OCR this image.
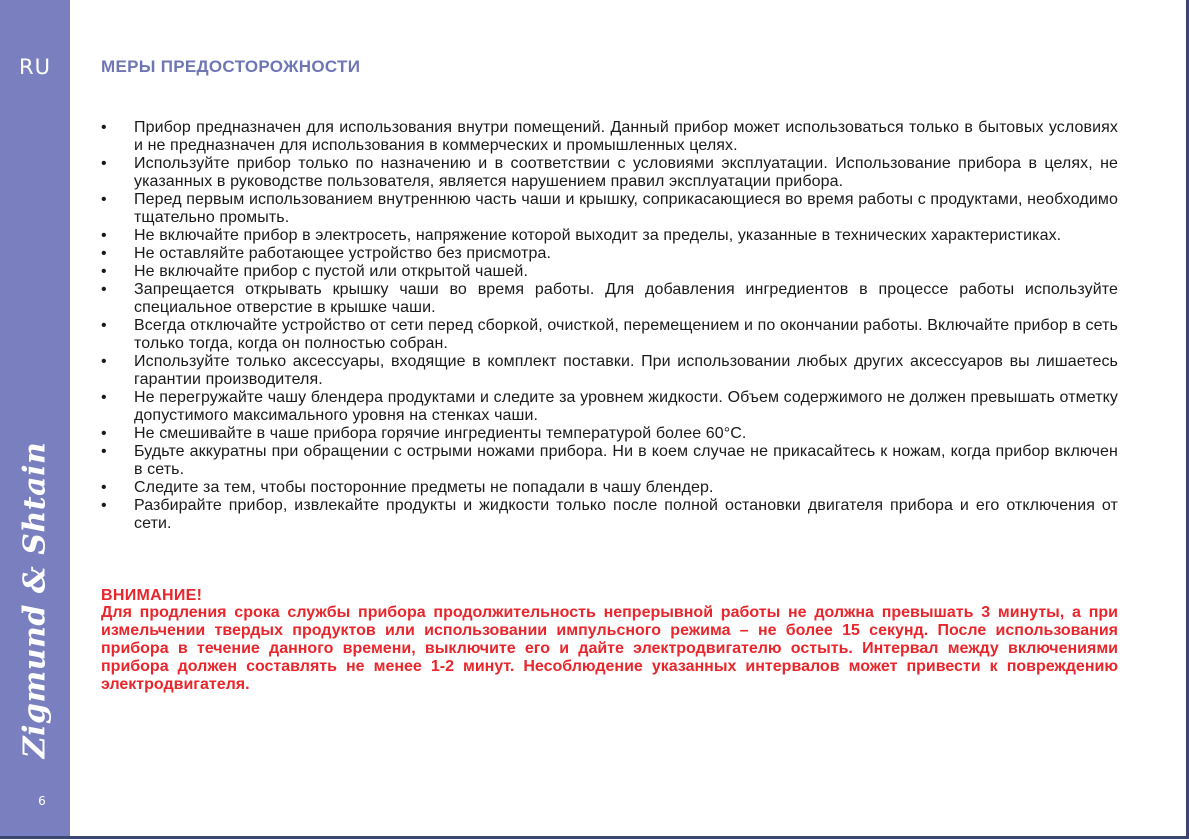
RU
Zigmund & Shtain
6
МЕРЫ ПРЕДОСТОРОЖНОСТИ
• Прибор предназначен для использования внутри помещений. Данный прибор может использоваться только в бытовых условиях и не предназначен для использования в коммерческих и промышленных целях.
• Используйте прибор только по назначению и в соответствии с условиями эксплуатации. Использование прибора в целях, не указанных в руководстве пользователя, является нарушением правил эксплуатации прибора.
• Перед первым использованием внутреннюю часть чаши и крышку, соприкасающиеся во время работы с продуктами, необходимо тщательно промыть.
• Не включайте прибор в электросеть, напряжение которой выходит за пределы, указанные в технических характеристиках.
• Не оставляйте работающее устройство без присмотра.
• Не включайте прибор с пустой или открытой чашей.
• Запрещается открывать крышку чаши во время работы. Для добавления ингредиентов в процессе работы используйте специальное отверстие в крышке чаши.
• Всегда отключайте устройство от сети перед сборкой, очисткой, перемещением и по окончании работы. Включайте прибор в сеть только тогда, когда он полностью собран.
• Используйте только аксессуары, входящие в комплект поставки. При использовании любых других аксессуаров вы лишаетесь гарантии производителя.
• Не перегружайте чашу блендера продуктами и следите за уровнем жидкости. Объем содержимого не должен превышать отметку допустимого максимального уровня на стенках чаши.
• Не смешивайте в чаше прибора горячие ингредиенты температурой более 60°С.
• Будьте аккуратны при обращении с острыми ножами прибора. Ни в коем случае не прикасайтесь к ножам, когда прибор включен в сеть.
• Следите за тем, чтобы посторонние предметы не попадали в чашу блендер.
• Разбирайте прибор, извлекайте продукты и жидкости только после полной остановки двигателя прибора и его отключения от сети.
ВНИМАНИЕ!

Для продления срока службы прибора продолжительность непрерывной работы не должна превышать 3 минуты, а при измельчении твердых продуктов или использовании импульсного режима – не более 15 секунд. После использования прибора в течение данного времени, выключите его и дайте электродвигателю остыть. Интервал между включениями прибора должен составлять не менее 1-2 минут. Несоблюдение указанных интервалов может привести к повреждению электродвигателя.
